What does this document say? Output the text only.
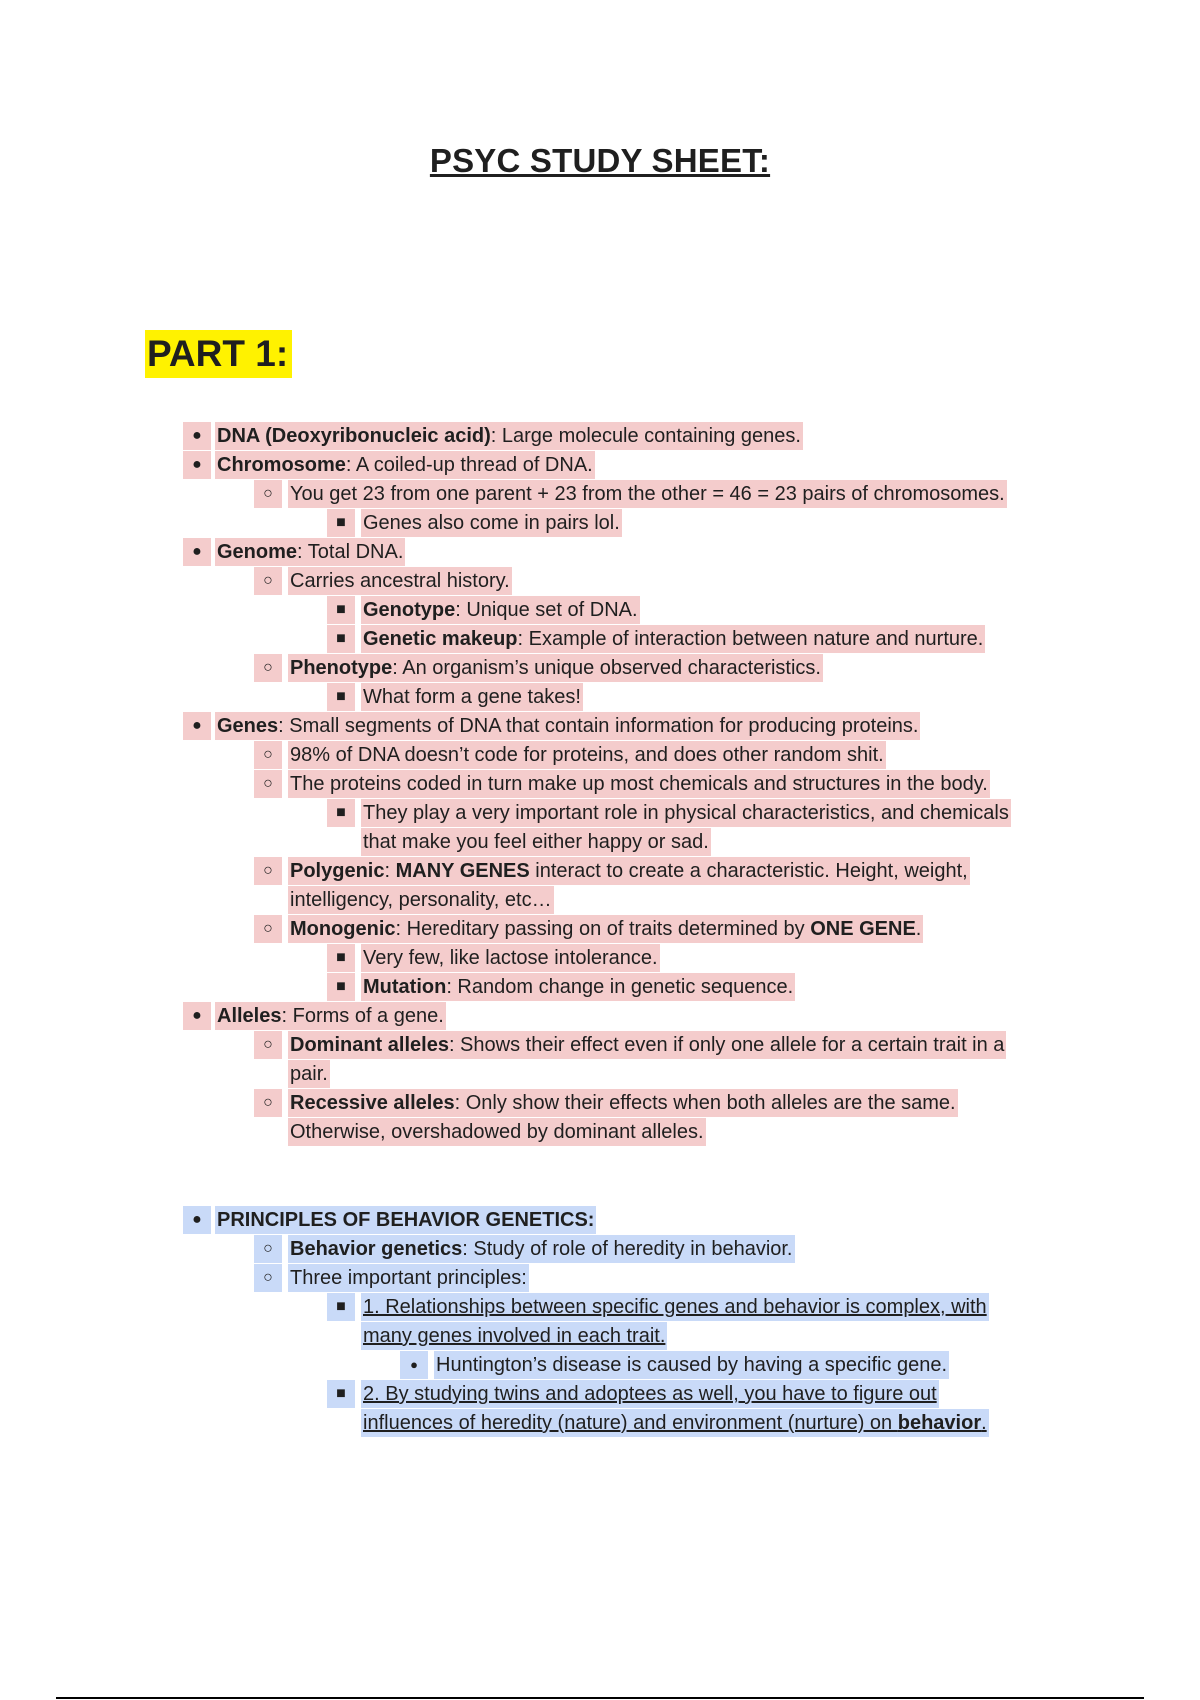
PSYC STUDY SHEET:
PART 1:
● DNA (Deoxyribonucleic acid): Large molecule containing genes.
● Chromosome: A coiled-up thread of DNA.
○ You get 23 from one parent + 23 from the other = 46 = 23 pairs of chromosomes.
■ Genes also come in pairs lol.
● Genome: Total DNA.
○ Carries ancestral history.
■ Genotype: Unique set of DNA.
■ Genetic makeup: Example of interaction between nature and nurture.
○ Phenotype: An organism’s unique observed characteristics.
■ What form a gene takes!
● Genes: Small segments of DNA that contain information for producing proteins.
○ 98% of DNA doesn’t code for proteins, and does other random shit.
○ The proteins coded in turn make up most chemicals and structures in the body.
■ They play a very important role in physical characteristics, and chemicals
that make you feel either happy or sad.
○ Polygenic: MANY GENES interact to create a characteristic. Height, weight,
intelligency, personality, etc…
○ Monogenic: Hereditary passing on of traits determined by ONE GENE.
■ Very few, like lactose intolerance.
■ Mutation: Random change in genetic sequence.
● Alleles: Forms of a gene.
○ Dominant alleles: Shows their effect even if only one allele for a certain trait in a
pair.
○ Recessive alleles: Only show their effects when both alleles are the same.
Otherwise, overshadowed by dominant alleles.
● PRINCIPLES OF BEHAVIOR GENETICS:
○ Behavior genetics: Study of role of heredity in behavior.
○ Three important principles:
■ 1. Relationships between specific genes and behavior is complex, with
many genes involved in each trait.
● Huntington’s disease is caused by having a specific gene.
■ 2. By studying twins and adoptees as well, you have to figure out
influences of heredity (nature) and environment (nurture) on behavior.
